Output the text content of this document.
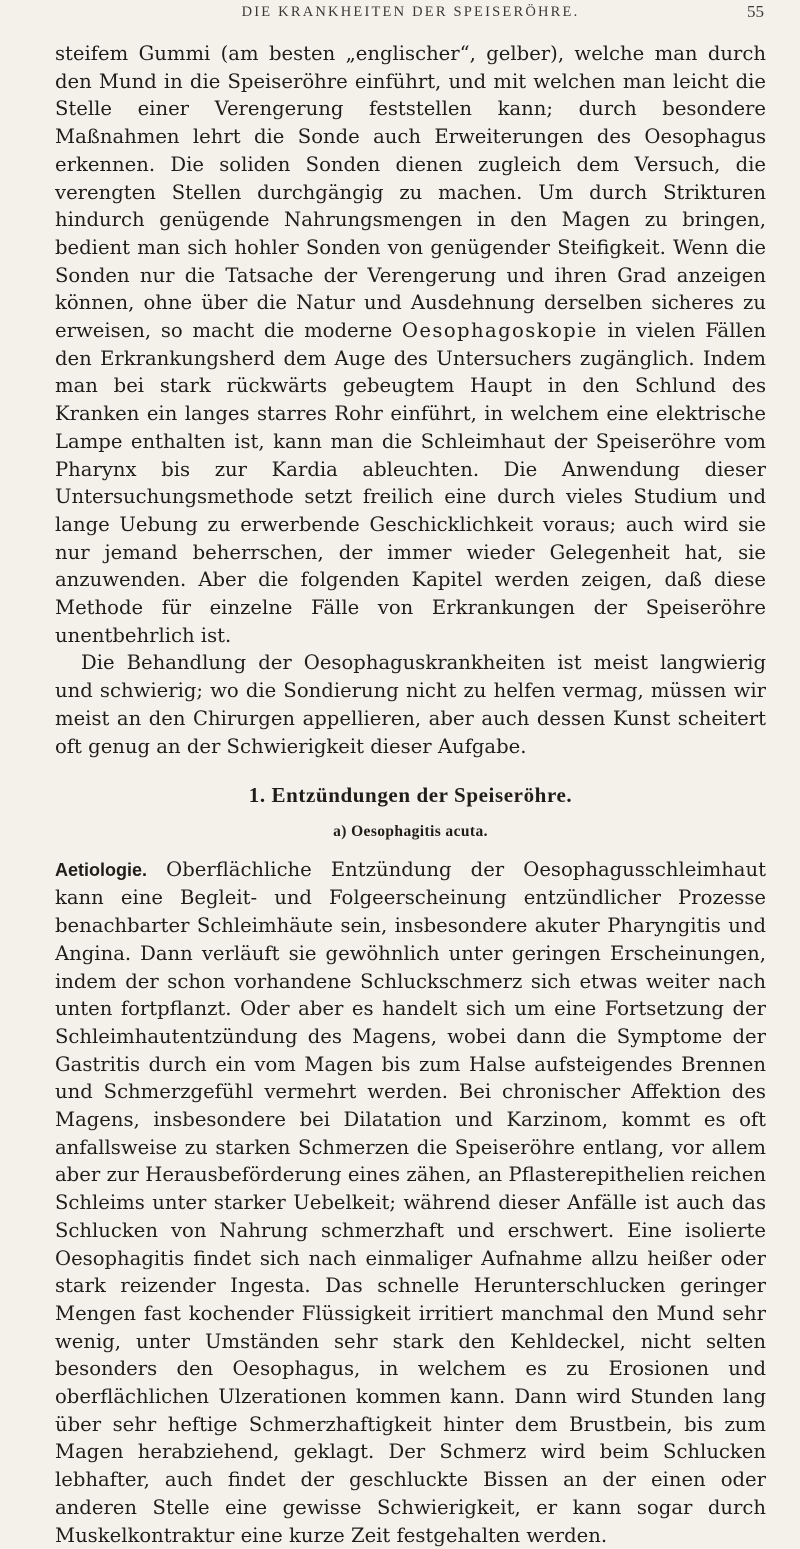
DIE KRANKHEITEN DER SPEISERÖHRE.	55

steifem Gummi (am besten „englischer“, gelber), welche man durch den Mund in die Speiseröhre einführt, und mit welchen man leicht die Stelle einer Verengerung feststellen kann; durch besondere Maßnahmen lehrt die Sonde auch Erweiterungen des Oesophagus erkennen. Die soliden Sonden dienen zugleich dem Versuch, die verengten Stellen durchgängig zu machen. Um durch Strikturen hindurch genügende Nahrungsmengen in den Magen zu bringen, bedient man sich hohler Sonden von genügender Steifigkeit. Wenn die Sonden nur die Tatsache der Verengerung und ihren Grad anzeigen können, ohne über die Natur und Ausdehnung derselben sicheres zu erweisen, so macht die moderne Oesophagoskopie in vielen Fällen den Erkrankungsherd dem Auge des Untersuchers zugänglich. Indem man bei stark rückwärts gebeugtem Haupt in den Schlund des Kranken ein langes starres Rohr einführt, in welchem eine elektrische Lampe enthalten ist, kann man die Schleimhaut der Speiseröhre vom Pharynx bis zur Kardia ableuchten. Die Anwendung dieser Untersuchungsmethode setzt freilich eine durch vieles Studium und lange Uebung zu erwerbende Geschicklichkeit voraus; auch wird sie nur jemand beherrschen, der immer wieder Gelegenheit hat, sie anzuwenden. Aber die folgenden Kapitel werden zeigen, daß diese Methode für einzelne Fälle von Erkrankungen der Speiseröhre unentbehrlich ist.

Die Behandlung der Oesophaguskrankheiten ist meist langwierig und schwierig; wo die Sondierung nicht zu helfen vermag, müssen wir meist an den Chirurgen appellieren, aber auch dessen Kunst scheitert oft genug an der Schwierigkeit dieser Aufgabe.

1. Entzündungen der Speiseröhre.
a) Oesophagitis acuta.

Aetiologie. Oberflächliche Entzündung der Oesophagusschleimhaut kann eine Begleit- und Folgeerscheinung entzündlicher Prozesse benachbarter Schleimhäute sein, insbesondere akuter Pharyngitis und Angina. Dann verläuft sie gewöhnlich unter geringen Erscheinungen, indem der schon vorhandene Schluckschmerz sich etwas weiter nach unten fortpflanzt. Oder aber es handelt sich um eine Fortsetzung der Schleimhautentzündung des Magens, wobei dann die Symptome der Gastritis durch ein vom Magen bis zum Halse aufsteigendes Brennen und Schmerzgefühl vermehrt werden. Bei chronischer Affektion des Magens, insbesondere bei Dilatation und Karzinom, kommt es oft anfallsweise zu starken Schmerzen die Speiseröhre entlang, vor allem aber zur Herausbeförderung eines zähen, an Pflasterepithelien reichen Schleims unter starker Uebelkeit; während dieser Anfälle ist auch das Schlucken von Nahrung schmerzhaft und erschwert. Eine isolierte Oesophagitis findet sich nach einmaliger Aufnahme allzu heißer oder stark reizender Ingesta. Das schnelle Herunterschlucken geringer Mengen fast kochender Flüssigkeit irritiert manchmal den Mund sehr wenig, unter Umständen sehr stark den Kehldeckel, nicht selten besonders den Oesophagus, in welchem es zu Erosionen und oberflächlichen Ulzerationen kommen kann. Dann wird Stunden lang über sehr heftige Schmerzhaftigkeit hinter dem Brustbein, bis zum Magen herabziehend, geklagt. Der Schmerz wird beim Schlucken lebhafter, auch findet der geschluckte Bissen an der einen oder anderen Stelle eine gewisse Schwierigkeit, er kann sogar durch Muskelkontraktur eine kurze Zeit festgehalten werden.
